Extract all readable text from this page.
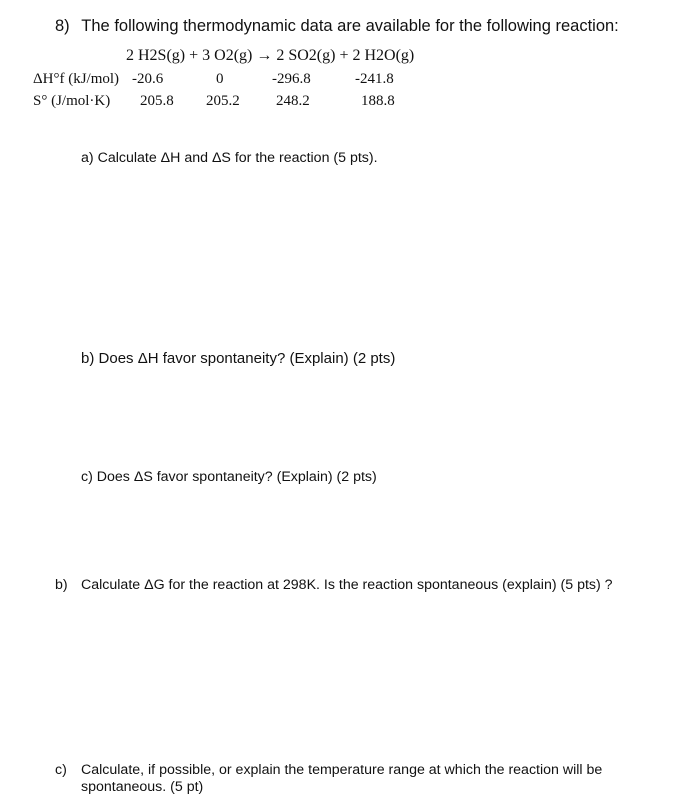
8) The following thermodynamic data are available for the following reaction:
2 H2S(g) + 3 O2(g) → 2 SO2(g) + 2 H2O(g)
ΔH°f (kJ/mol) -20.6	0	-296.8	-241.8
S° (J/mol·K) 205.8 205.2 248.2	188.8
a) Calculate ΔH and ΔS for the reaction (5 pts).
b) Does ΔH favor spontaneity? (Explain) (2 pts)
c) Does ΔS favor spontaneity? (Explain) (2 pts)
b) Calculate ΔG for the reaction at 298K. Is the reaction spontaneous (explain) (5 pts) ?
c) Calculate, if possible, or explain the temperature range at which the reaction will be
spontaneous. (5 pt)
